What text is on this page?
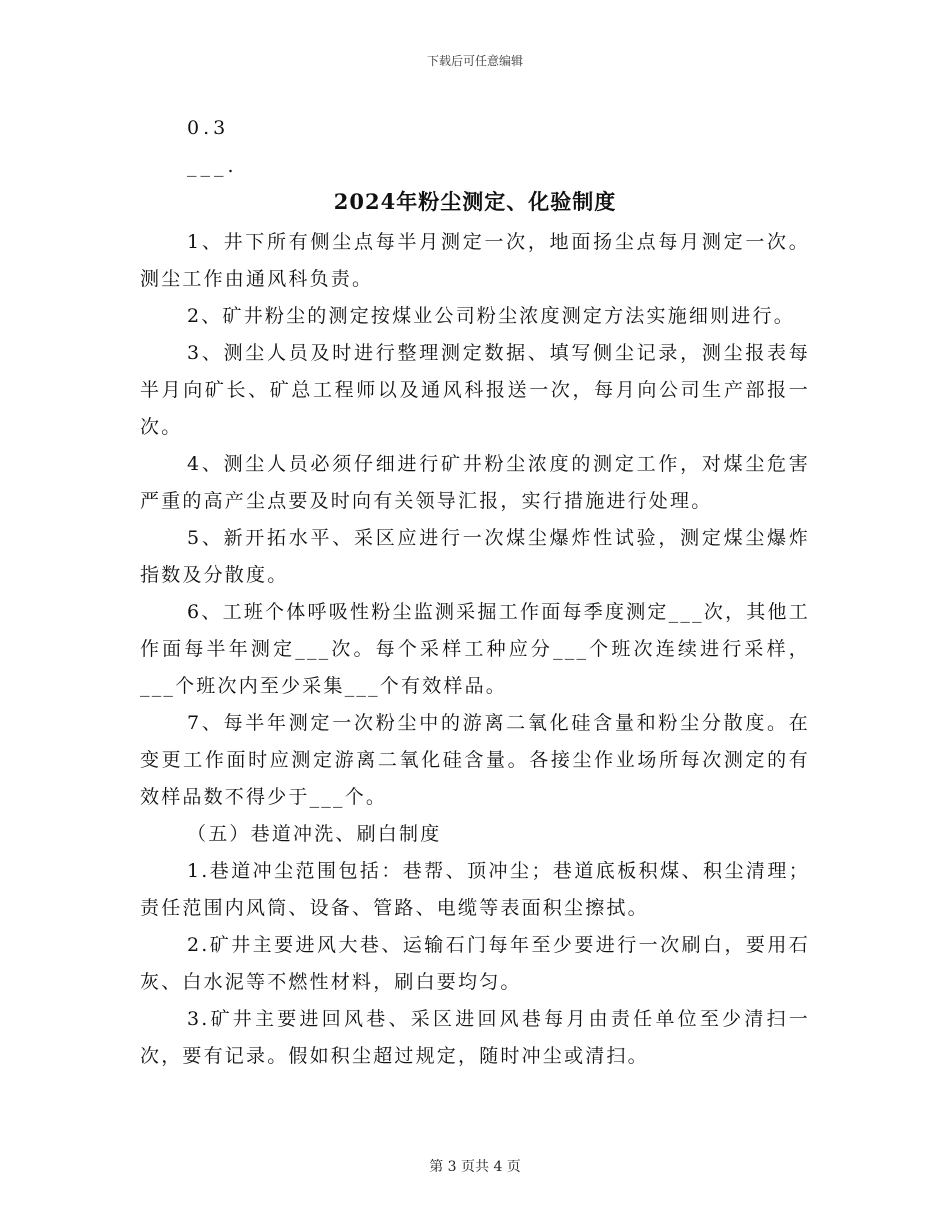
下载后可任意编辑
0.3
___.
2024年粉尘测定、化验制度

1、井下所有侧尘点每半月测定一次，地面扬尘点每月测定一次。测尘工作由通风科负责。

2、矿井粉尘的测定按煤业公司粉尘浓度测定方法实施细则进行。

3、测尘人员及时进行整理测定数据、填写侧尘记录，测尘报表每半月向矿长、矿总工程师以及通风科报送一次，每月向公司生产部报一次。

4、测尘人员必须仔细进行矿井粉尘浓度的测定工作，对煤尘危害严重的高产尘点要及时向有关领导汇报，实行措施进行处理。

5、新开拓水平、采区应进行一次煤尘爆炸性试验，测定煤尘爆炸指数及分散度。

6、工班个体呼吸性粉尘监测采掘工作面每季度测定___次，其他工作面每半年测定___次。每个采样工种应分___个班次连续进行采样，___个班次内至少采集___个有效样品。

7、每半年测定一次粉尘中的游离二氧化硅含量和粉尘分散度。在变更工作面时应测定游离二氧化硅含量。各接尘作业场所每次测定的有效样品数不得少于___个。

（五）巷道冲洗、刷白制度

1.巷道冲尘范围包括：巷帮、顶冲尘；巷道底板积煤、积尘清理；责任范围内风筒、设备、管路、电缆等表面积尘擦拭。

2.矿井主要进风大巷、运输石门每年至少要进行一次刷白，要用石灰、白水泥等不燃性材料，刷白要均匀。

3.矿井主要进回风巷、采区进回风巷每月由责任单位至少清扫一次，要有记录。假如积尘超过规定，随时冲尘或清扫。

第 3 页共 4 页
